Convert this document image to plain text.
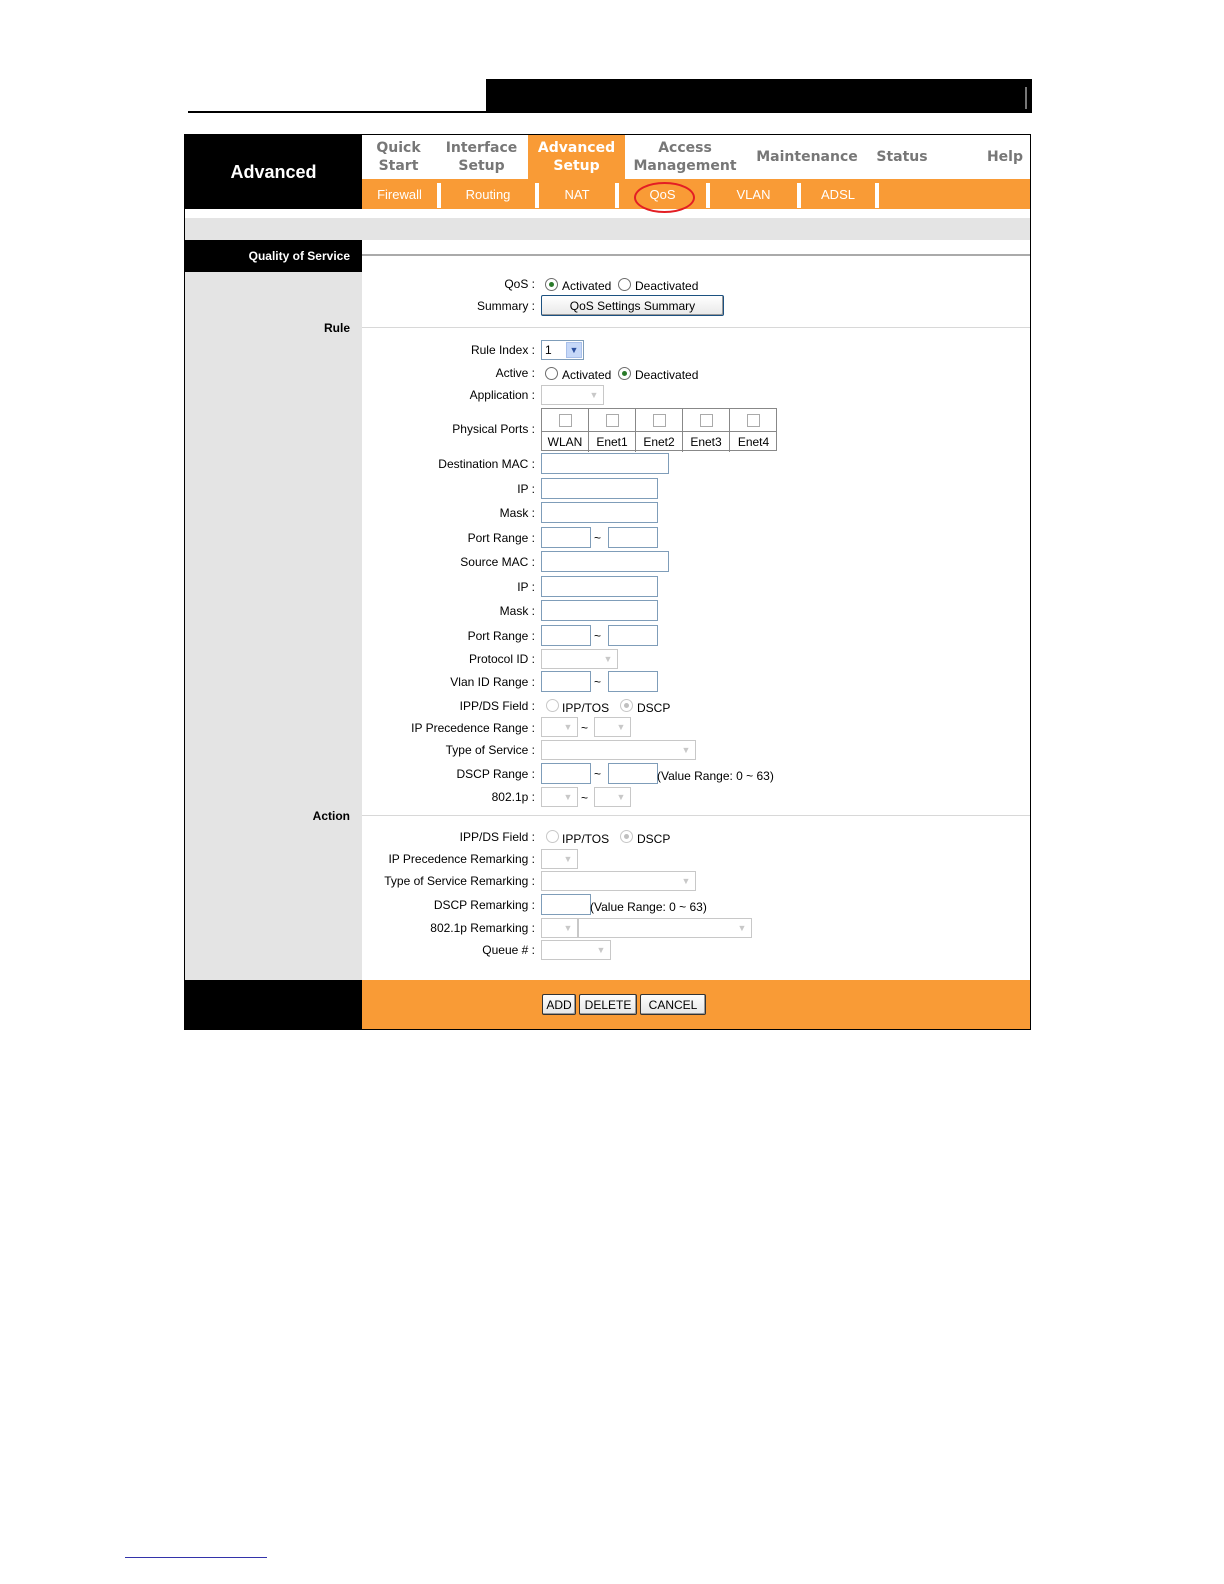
Advanced
Quick
Start
Interface
Setup
Advanced
Setup
Access
Management
Maintenance	Status	Help
Firewall	Routing	NAT	QoS	VLAN	ADSL
Quality of Service
QoS : Activated Deactivated
Summary :	QoS Settings Summary
Rule
Rule Index : 1	▼
Active : Activated Deactivated
Application :	▼
Physical Ports :
WLAN	Enet1	Enet2	Enet3	Enet4
Destination MAC :
IP :
Mask :
Port Range :	~
Source MAC :
IP :
Mask :
Port Range :	~
Protocol ID :	▼
Vlan ID Range :	~
IPP/DS Field : IPP/TOS DSCP
IP Precedence Range :	▼ ~	▼
Type of Service :	▼
DSCP Range :	~	(Value Range: 0 ~ 63)
802.1p :	▼ ~	▼
Action
IPP/DS Field : IPP/TOS DSCP
IP Precedence Remarking :	▼
Type of Service Remarking :	▼
DSCP Remarking :	(Value Range: 0 ~ 63)
802.1p Remarking :	▼	▼
Queue # :	▼
ADD	DELETE	CANCEL
